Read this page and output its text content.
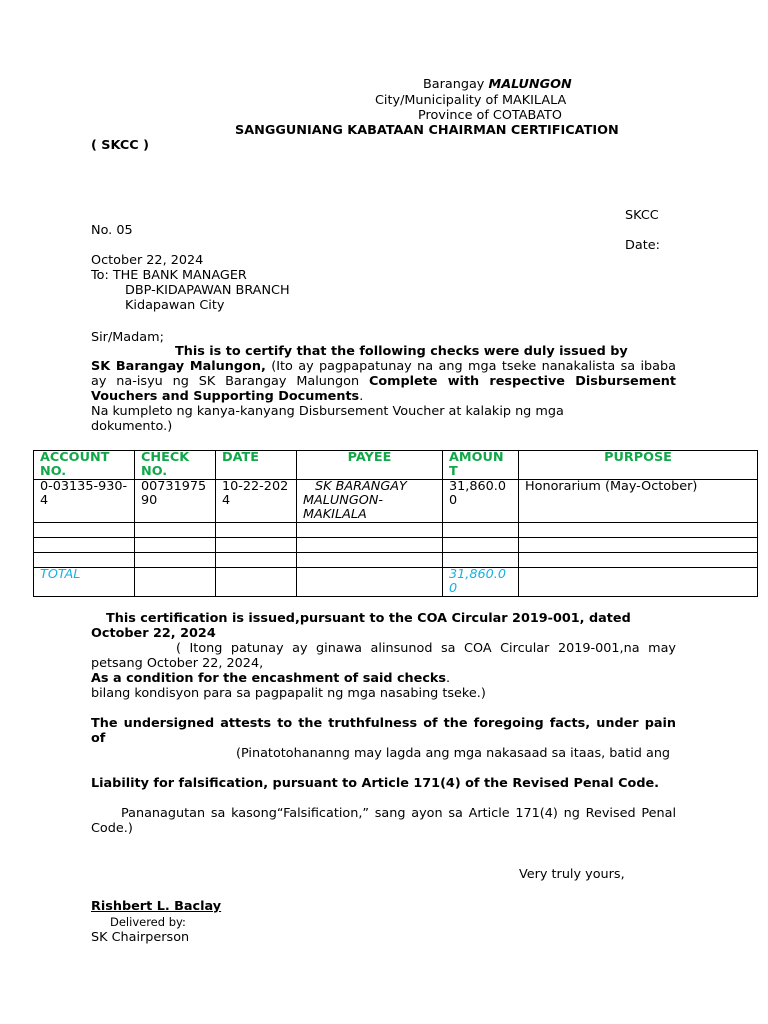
Barangay MALUNGON
City/Municipality of MAKILALA
Province of COTABATO
SANGGUNIANG KABATAAN CHAIRMAN CERTIFICATION
( SKCC )
SKCC
No. 05
Date:
October 22, 2024
To: THE BANK MANAGER
DBP-KIDAPAWAN BRANCH
Kidapawan City
Sir/Madam;
This is to certify that the following checks were duly issued by
SK Barangay Malungon, (Ito ay pagpapatunay na ang mga tseke nanakalista sa ibaba ay na-isyu ng SK Barangay Malungon Complete with respective Disbursement Vouchers and Supporting Documents.
Na kumpleto ng kanya-kanyang Disbursement Voucher at kalakip ng mga dokumento.)
ACCOUNT NO.	CHECK NO.	DATE	PAYEE	AMOUNT	PURPOSE
0-03135-930-4	0073197590	10-22-2024	SK BARANGAY MALUNGON-MAKILALA	31,860.00	Honorarium (May-October)

TOTAL				31,860.00	
This certification is issued,pursuant to the COA Circular 2019-001, dated October 22, 2024
( Itong patunay ay ginawa alinsunod sa COA Circular 2019-001,na may petsang October 22, 2024,
As a condition for the encashment of said checks.
bilang kondisyon para sa pagpapalit ng mga nasabing tseke.)
The undersigned attests to the truthfulness of the foregoing facts, under pain of
(Pinatotohananng may lagda ang mga nakasaad sa itaas, batid ang
Liability for falsification, pursuant to Article 171(4) of the Revised Penal Code.
Pananagutan sa kasong“Falsification,” sang ayon sa Article 171(4) ng Revised Penal Code.)
Very truly yours,
Rishbert L. Baclay
Delivered by:
SK Chairperson
